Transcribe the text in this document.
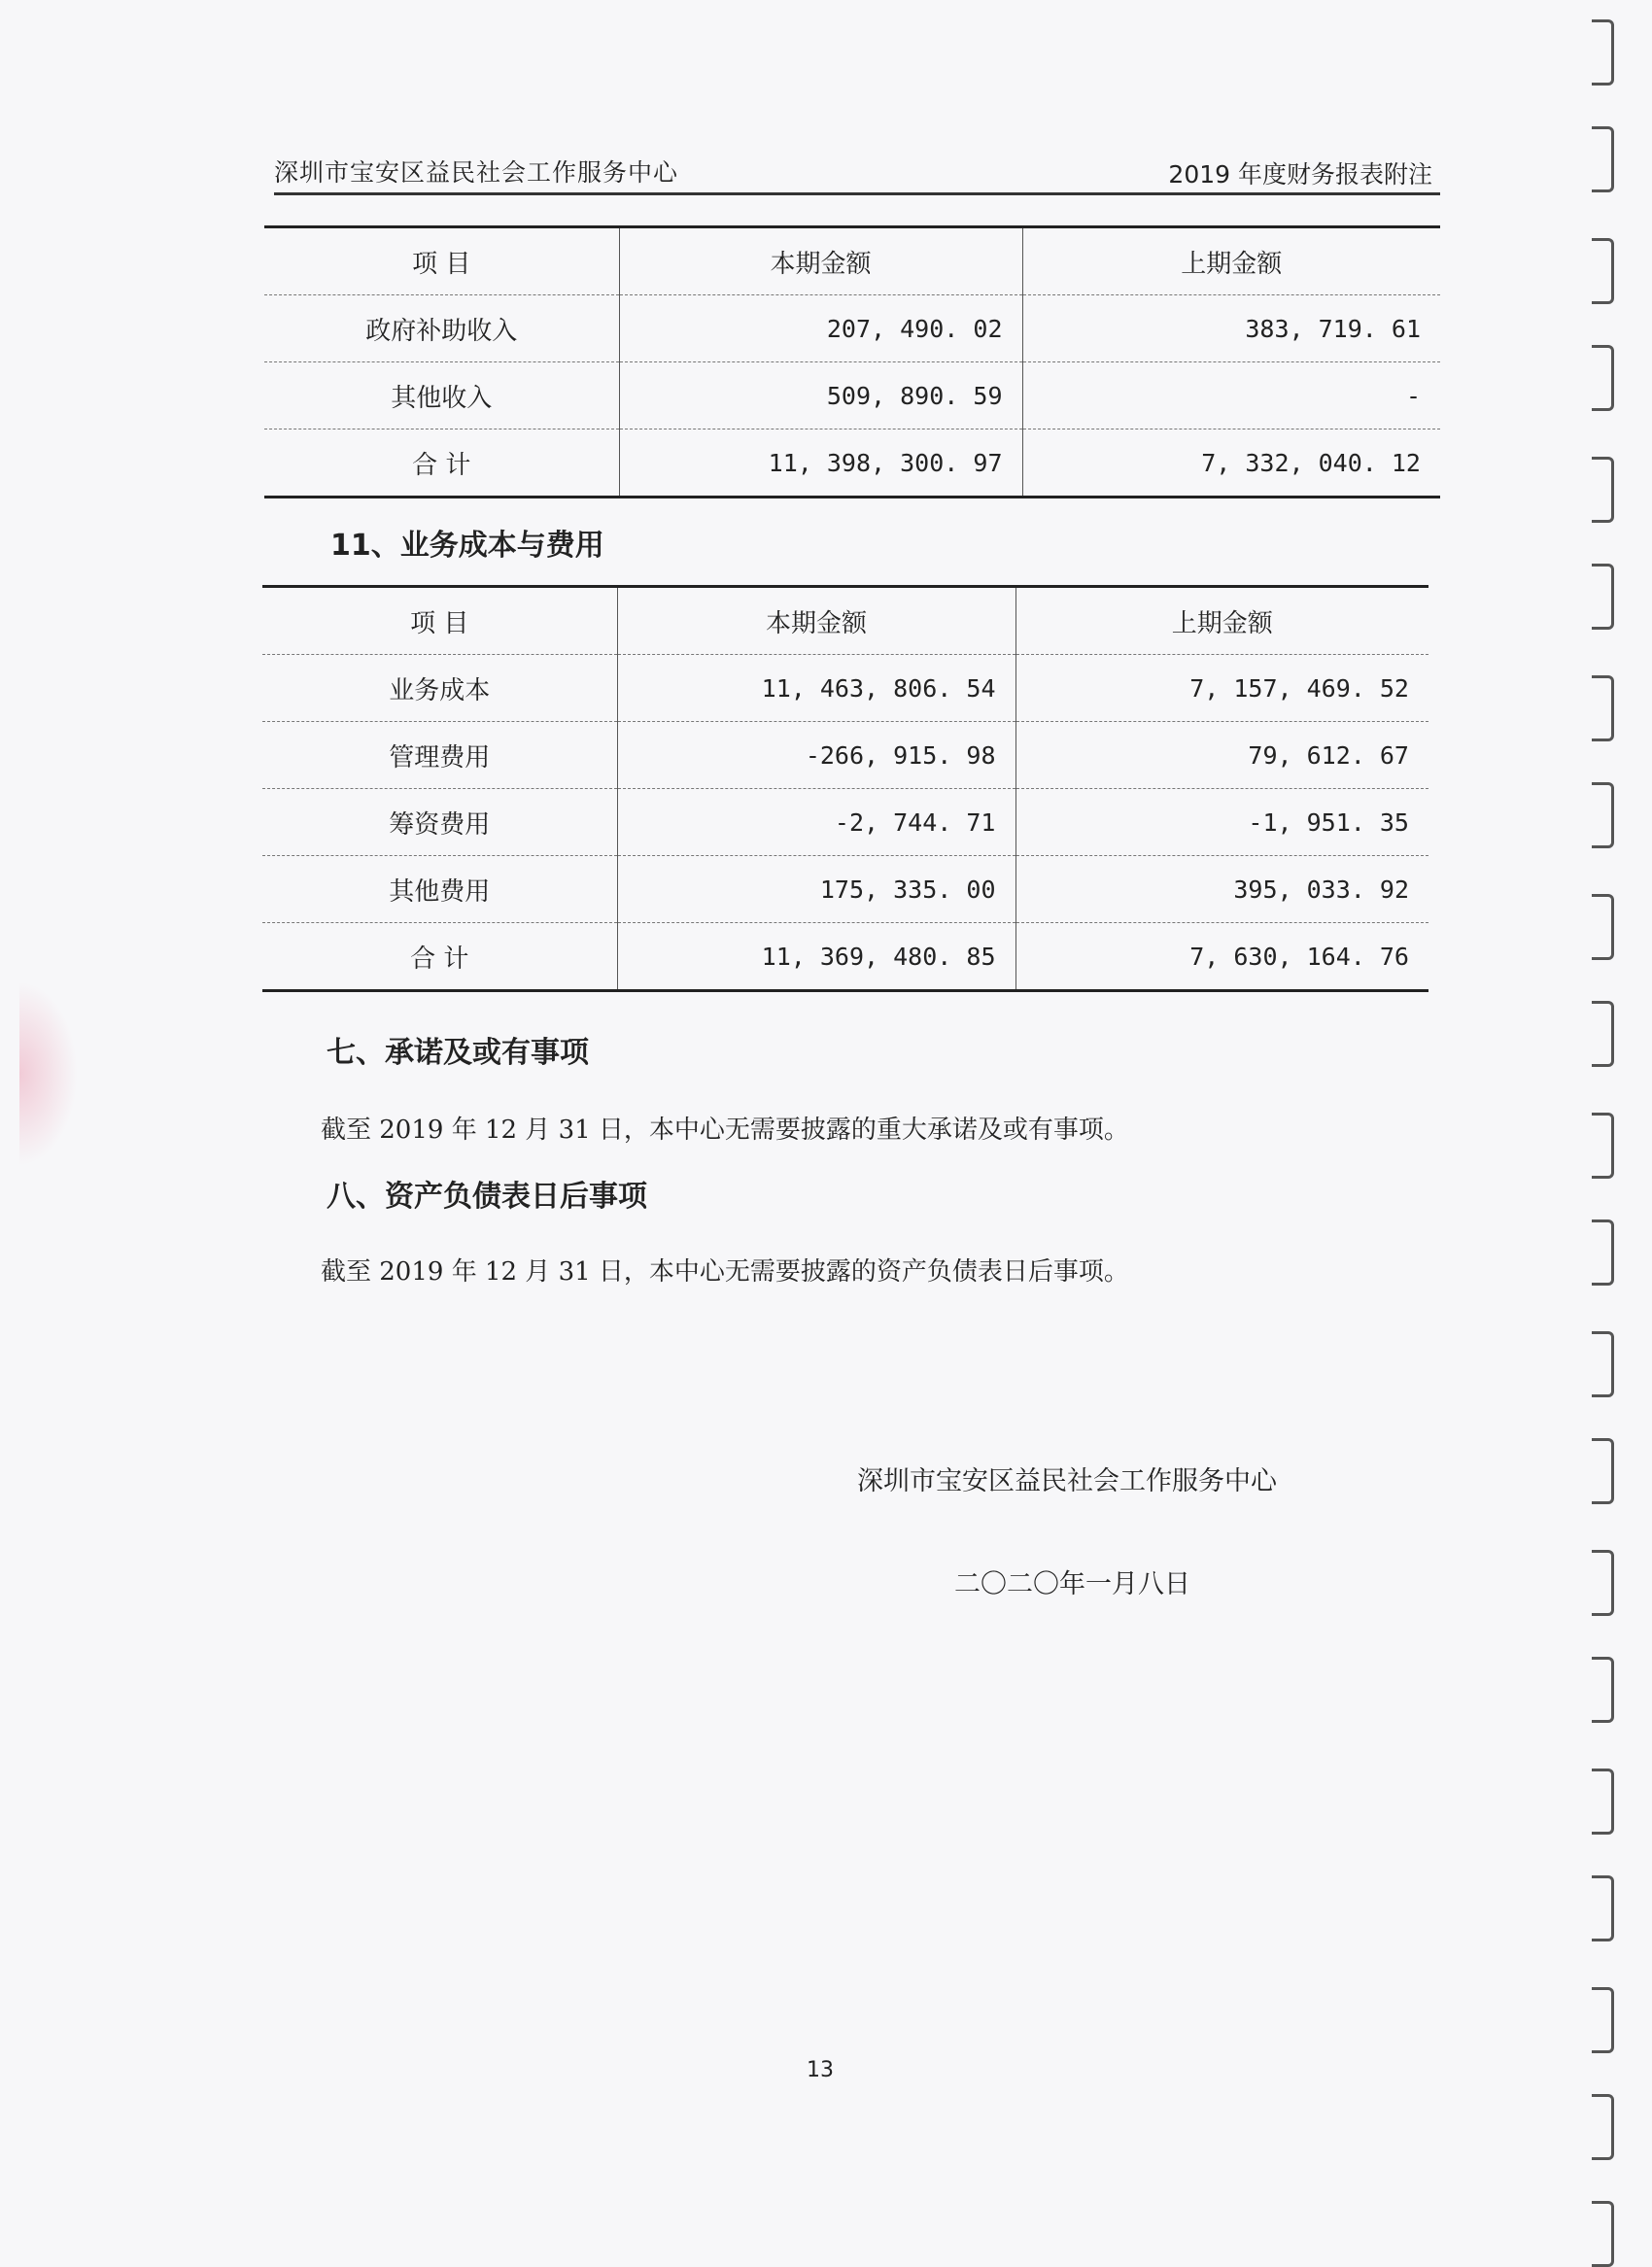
深圳市宝安区益民社会工作服务中心	2019 年度财务报表附注
项 目	本期金额	上期金额
政府补助收入	207, 490. 02	383, 719. 61
其他收入	509, 890. 59	-
合 计	11, 398, 300. 97	7, 332, 040. 12
11、业务成本与费用
项 目	本期金额	上期金额
业务成本	11, 463, 806. 54	7, 157, 469. 52
管理费用	-266, 915. 98	79, 612. 67
筹资费用	-2, 744. 71	-1, 951. 35
其他费用	175, 335. 00	395, 033. 92
合 计	11, 369, 480. 85	7, 630, 164. 76
七、承诺及或有事项
截至 2019 年 12 月 31 日，本中心无需要披露的重大承诺及或有事项。
八、资产负债表日后事项
截至 2019 年 12 月 31 日，本中心无需要披露的资产负债表日后事项。
深圳市宝安区益民社会工作服务中心
二〇二〇年一月八日
13
